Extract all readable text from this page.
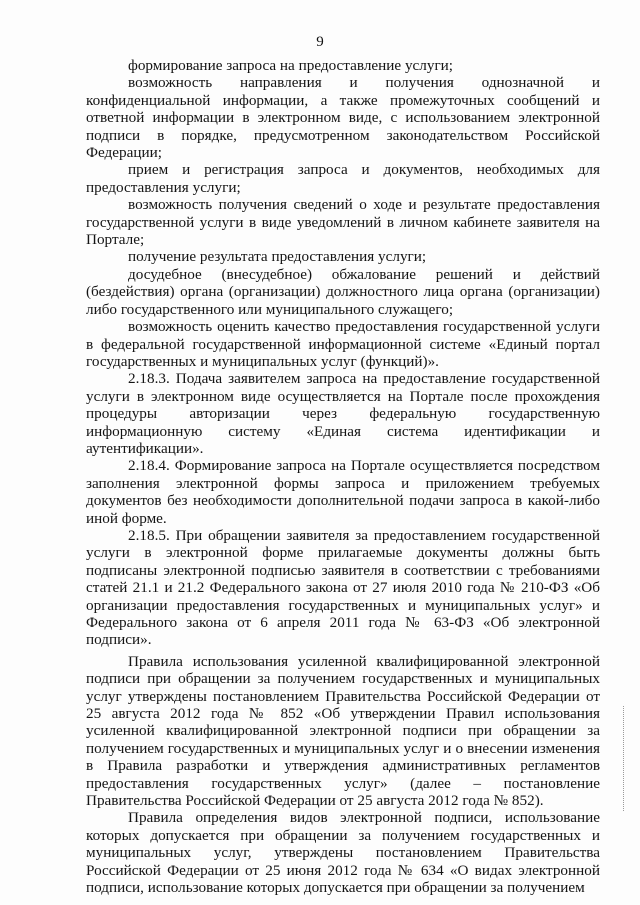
9

формирование запроса на предоставление услуги;

возможность направления и получения однозначной и конфиденциальной информации, а также промежуточных сообщений и ответной информации в электронном виде, с использованием электронной подписи в порядке, предусмотренном законодательством Российской Федерации;

прием и регистрация запроса и документов, необходимых для предоставления услуги;

возможность получения сведений о ходе и результате предоставления государственной услуги в виде уведомлений в личном кабинете заявителя на Портале;

получение результата предоставления услуги;

досудебное (внесудебное) обжалование решений и действий (бездействия) органа (организации) должностного лица органа (организации) либо государственного или муниципального служащего;

возможность оценить качество предоставления государственной услуги в федеральной государственной информационной системе «Единый портал государственных и муниципальных услуг (функций)».

2.18.3. Подача заявителем запроса на предоставление государственной услуги в электронном виде осуществляется на Портале после прохождения процедуры авторизации через федеральную государственную информационную систему «Единая система идентификации и аутентификации».

2.18.4. Формирование запроса на Портале осуществляется посредством заполнения электронной формы запроса и приложением требуемых документов без необходимости дополнительной подачи запроса в какой-либо иной форме.

2.18.5. При обращении заявителя за предоставлением государственной услуги в электронной форме прилагаемые документы должны быть подписаны электронной подписью заявителя в соответствии с требованиями статей 21.1 и 21.2 Федерального закона от 27 июля 2010 года № 210-ФЗ «Об организации предоставления государственных и муниципальных услуг» и Федерального закона от 6 апреля 2011 года № 63-ФЗ «Об электронной подписи».

Правила использования усиленной квалифицированной электронной подписи при обращении за получением государственных и муниципальных услуг утверждены постановлением Правительства Российской Федерации от 25 августа 2012 года № 852 «Об утверждении Правил использования усиленной квалифицированной электронной подписи при обращении за получением государственных и муниципальных услуг и о внесении изменения в Правила разработки и утверждения административных регламентов предоставления государственных услуг» (далее – постановление Правительства Российской Федерации от 25 августа 2012 года № 852).

Правила определения видов электронной подписи, использование которых допускается при обращении за получением государственных и муниципальных услуг, утверждены постановлением Правительства Российской Федерации от 25 июня 2012 года № 634 «О видах электронной подписи, использование которых допускается при обращении за получением
